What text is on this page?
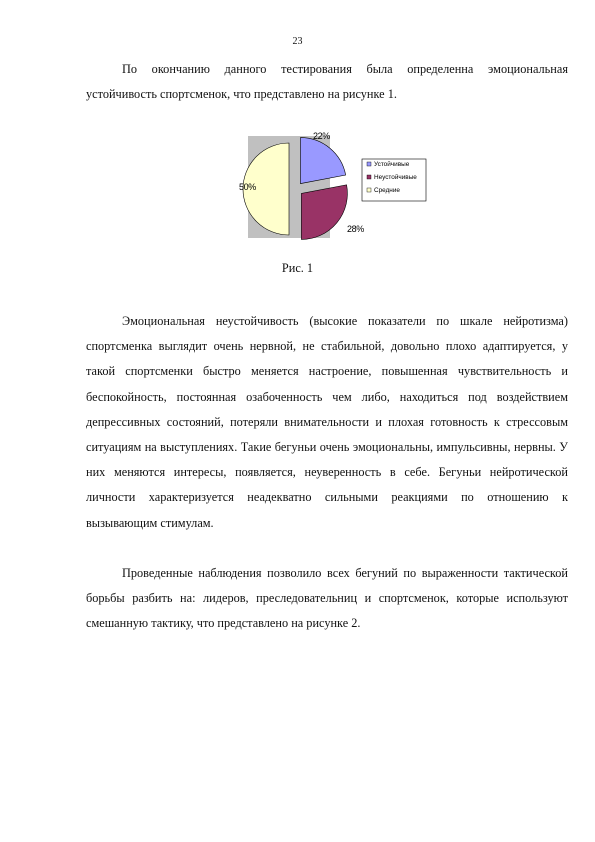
23

По окончанию данного тестирования была определенна эмоциональная устойчивость спортсменок, что представлено на рисунке 1.

22%
Устойчивые
28%
Неустойчивые
50%	Средние
Рис. 1

Эмоциональная неустойчивость (высокие показатели по шкале нейротизма) спортсменка выглядит очень нервной, не стабильной, довольно плохо адаптируется, у такой спортсменки быстро меняется настроение, повышенная чувствительность и беспокойность, постоянная озабоченность чем либо, находиться под воздействием депрессивных состояний, потеряли внимательности и плохая готовность к стрессовым ситуациям на выступлениях. Такие бегуньи очень эмоциональны, импульсивны, нервны. У них меняются интересы, появляется, неуверенность в себе. Бегуньи нейротической личности характеризуется неадекватно сильными реакциями по отношению к вызывающим стимулам.

Проведенные наблюдения позволило всех бегуний по выраженности тактической борьбы разбить на: лидеров, преследовательниц и спортсменок, которые используют смешанную тактику, что представлено на рисунке 2.
